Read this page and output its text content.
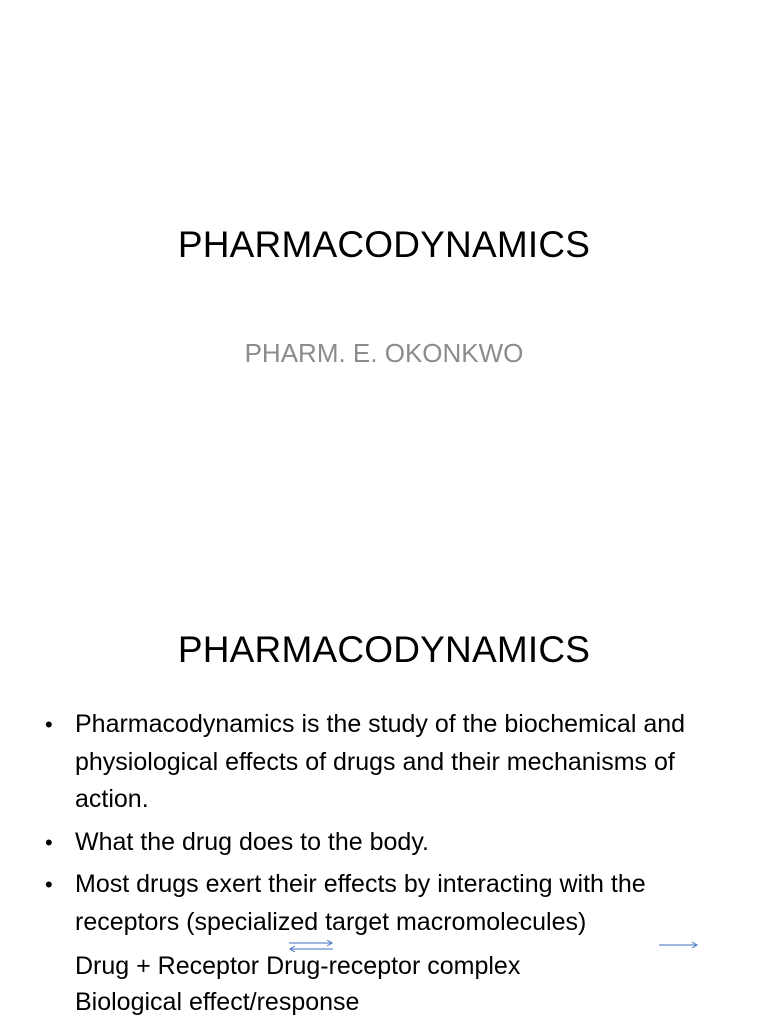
PHARMACODYNAMICS
PHARM. E. OKONKWO
PHARMACODYNAMICS
• Pharmacodynamics is the study of the biochemical and physiological effects of drugs and their mechanisms of action.
• What the drug does to the body.
• Most drugs exert their effects by interacting with the receptors (specialized target macromolecules)
Drug + Receptor Drug-receptor complex
Biological effect/response
